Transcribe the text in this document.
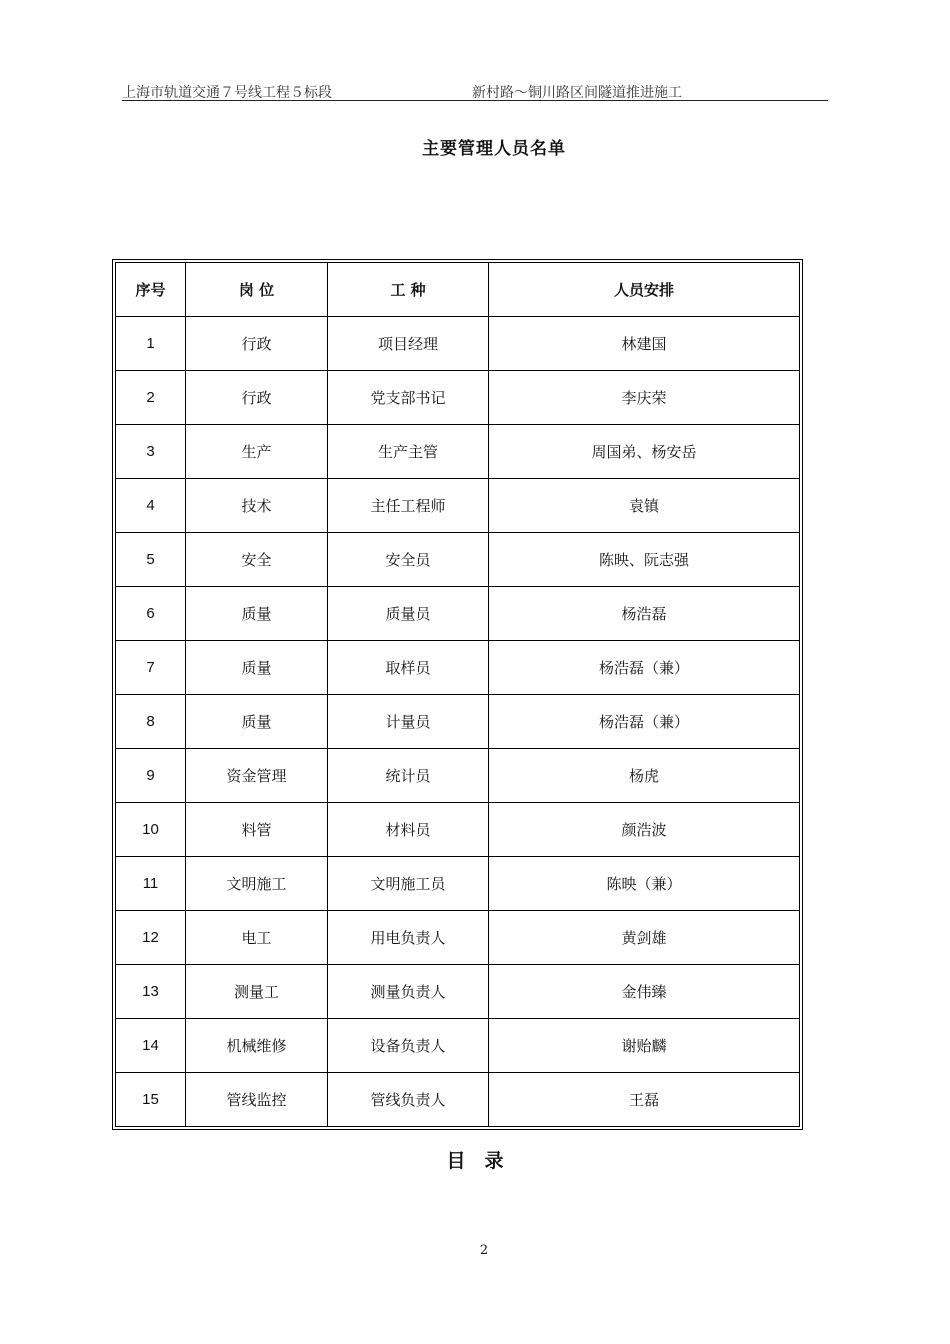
上海市轨道交通７号线工程５标段	新村路～铜川路区间隧道推进施工
主要管理人员名单
序号	岗 位	工 种	人员安排
1	行政	项目经理	林建国
2	行政	党支部书记	李庆荣
3	生产	生产主管	周国弟、杨安岳
4	技术	主任工程师	袁镇
5	安全	安全员	陈映、阮志强
6	质量	质量员	杨浩磊
7	质量	取样员	杨浩磊（兼）
8	质量	计量员	杨浩磊（兼）
9	资金管理	统计员	杨虎
10	料管	材料员	颜浩波
11	文明施工	文明施工员	陈映（兼）
12	电工	用电负责人	黄剑雄
13	测量工	测量负责人	金伟臻
14	机械维修	设备负责人	谢贻麟
15	管线监控	管线负责人	王磊
目　录
2
